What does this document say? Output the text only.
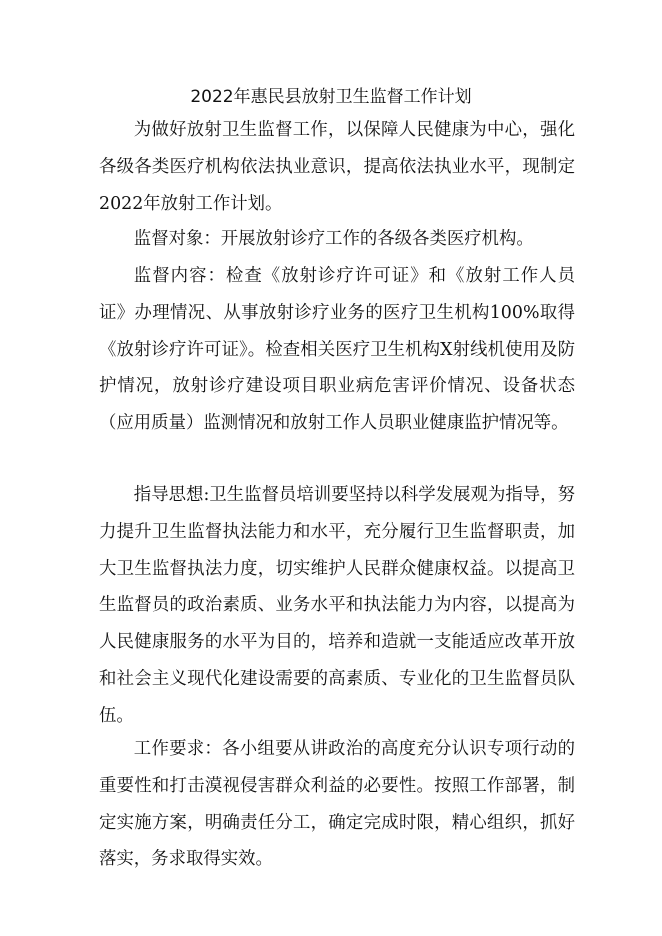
2022年惠民县放射卫生监督工作计划

为做好放射卫生监督工作，以保障人民健康为中心，强化各级各类医疗机构依法执业意识，提高依法执业水平，现制定2022年放射工作计划。

监督对象：开展放射诊疗工作的各级各类医疗机构。

监督内容：检查《放射诊疗许可证》和《放射工作人员证》办理情况、从事放射诊疗业务的医疗卫生机构100%取得《放射诊疗许可证》。检查相关医疗卫生机构X射线机使用及防护情况，放射诊疗建设项目职业病危害评价情况、设备状态（应用质量）监测情况和放射工作人员职业健康监护情况等。

指导思想:卫生监督员培训要坚持以科学发展观为指导，努力提升卫生监督执法能力和水平，充分履行卫生监督职责，加大卫生监督执法力度，切实维护人民群众健康权益。以提高卫生监督员的政治素质、业务水平和执法能力为内容，以提高为人民健康服务的水平为目的，培养和造就一支能适应改革开放和社会主义现代化建设需要的高素质、专业化的卫生监督员队伍。

工作要求：各小组要从讲政治的高度充分认识专项行动的重要性和打击漠视侵害群众利益的必要性。按照工作部署，制定实施方案，明确责任分工，确定完成时限，精心组织，抓好落实，务求取得实效。
